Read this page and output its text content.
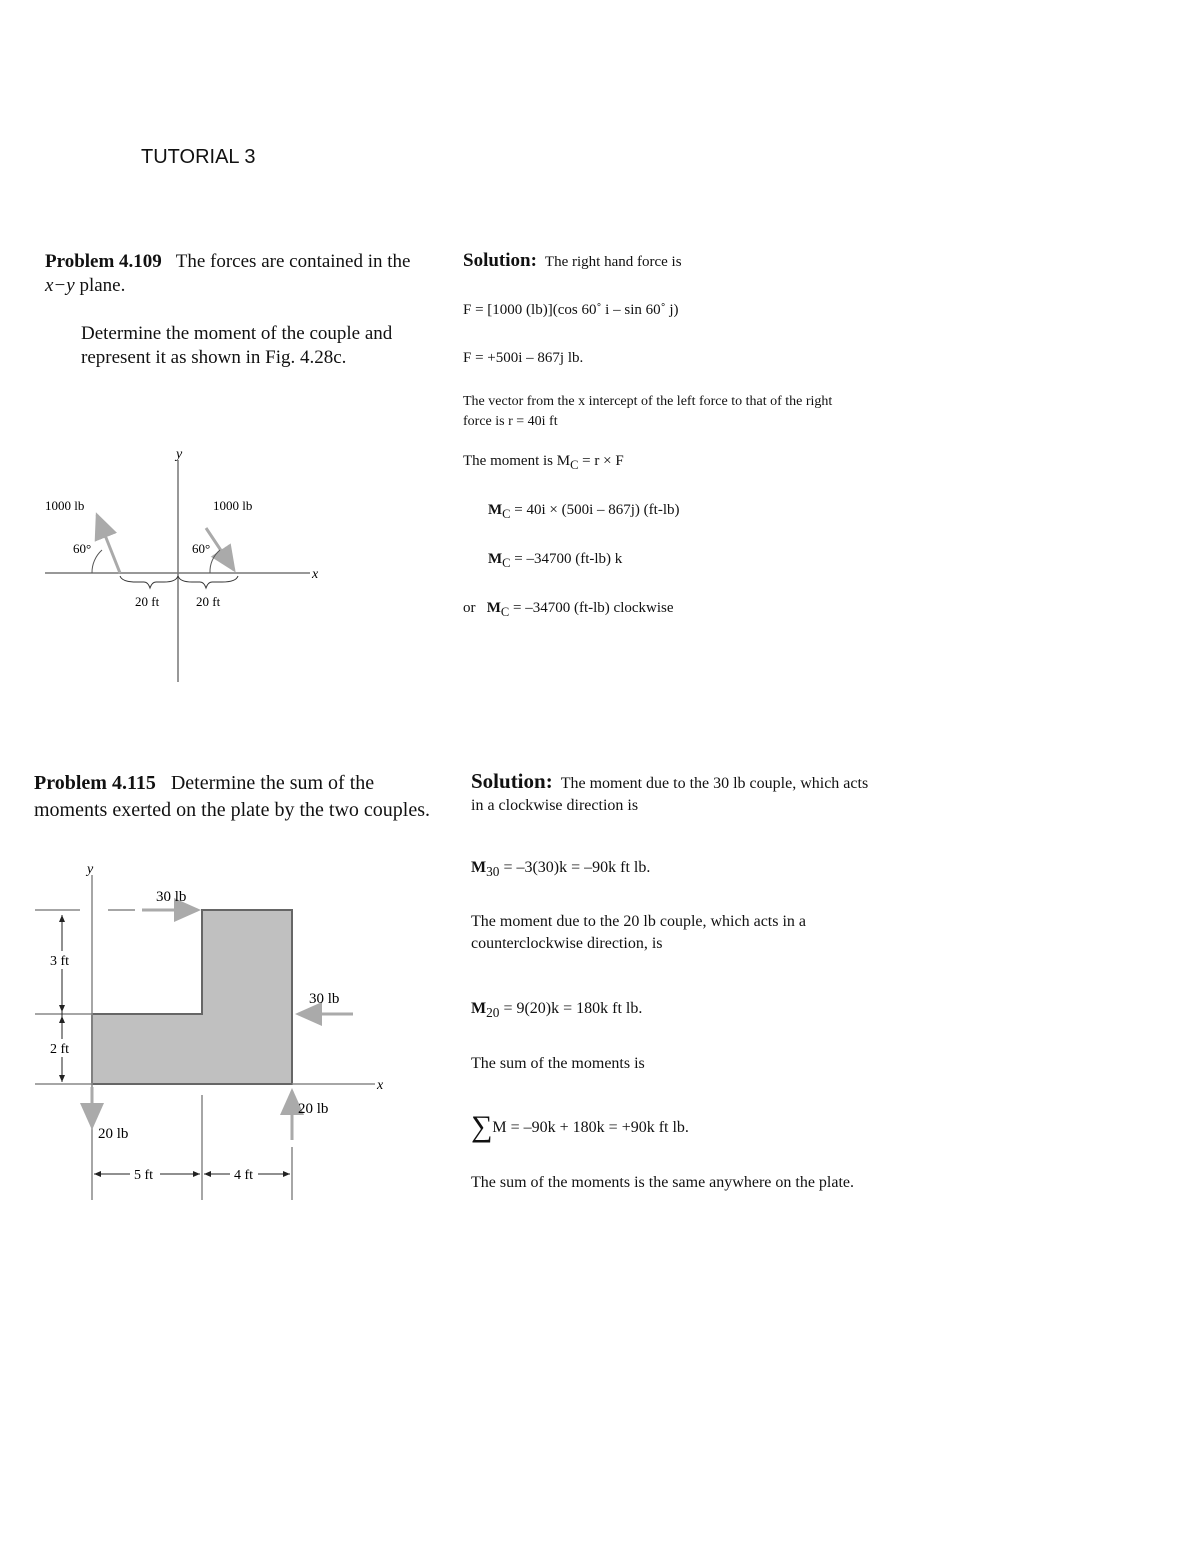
TUTORIAL 3
Problem 4.109 The forces are contained in the x−y plane.
Determine the moment of the couple and represent it as shown in Fig. 4.28c.
y
x
1000 lb
60°
1000 lb
60°
20 ft	20 ft
Solution: The right hand force is
F = [1000 (lb)](cos 60˚ i – sin 60˚ j)
F = +500i – 867j lb.
The vector from the x intercept of the left force to that of the right force is r = 40i ft
The moment is $M_C = r \times F$
$M_C = 40i \times (500i - 867j)$ (ft-lb)
$M_C = -34700$ (ft-lb) k
or $M_C = -34700$ (ft-lb) clockwise
Problem 4.115 Determine the sum of the moments exerted on the plate by the two couples.
y
x
3 ft
2 ft
30 lb
30 lb
20 lb
20 lb
5 ft	4 ft
Solution: The moment due to the 30 lb couple, which acts in a clockwise direction is
$M_{30} = -3(30)k = -90k$ ft lb.
The moment due to the 20 lb couple, which acts in a counterclockwise direction, is
$M_{20} = 9(20)k = 180k$ ft lb.
The sum of the moments is
∑M = –90k + 180k = +90k ft lb.
The sum of the moments is the same anywhere on the plate.
